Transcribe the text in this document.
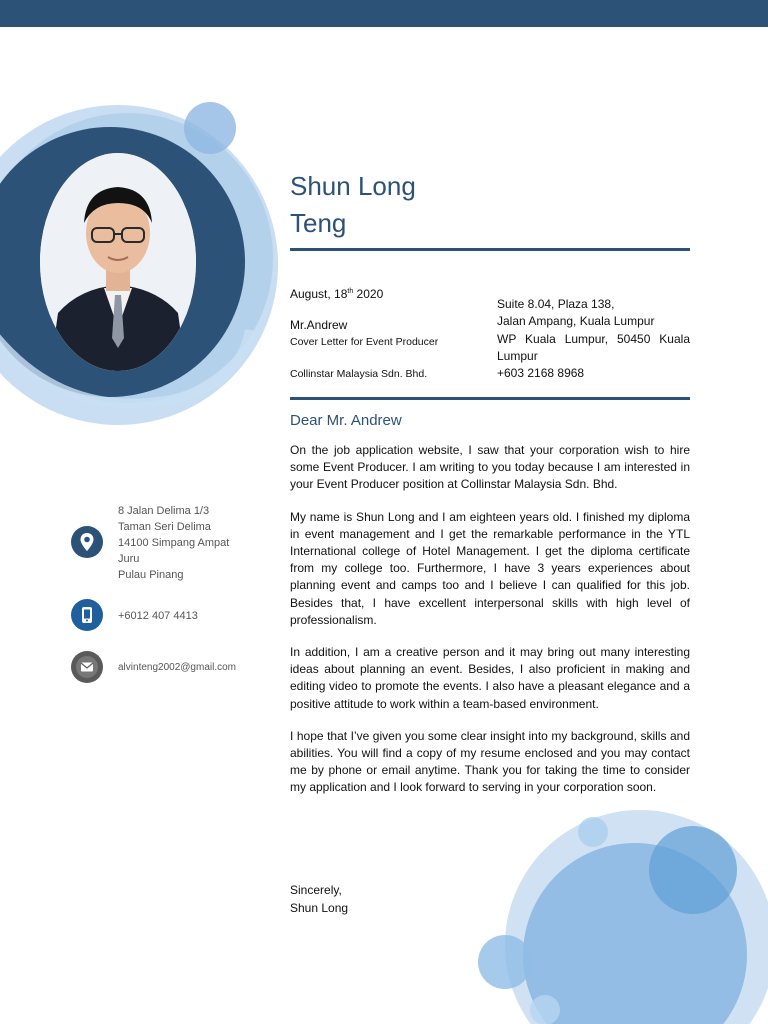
Shun Long
Teng
August, 18th 2020
Mr.Andrew
Cover Letter for Event Producer
Collinstar Malaysia Sdn. Bhd.
Suite 8.04, Plaza 138,
Jalan Ampang, Kuala Lumpur
WP Kuala Lumpur, 50450 Kuala Lumpur
+603 2168 8968
Dear Mr. Andrew

On the job application website, I saw that your corporation wish to hire some Event Producer. I am writing to you today because I am interested in your Event Producer position at Collinstar Malaysia Sdn. Bhd.

My name is Shun Long and I am eighteen years old. I finished my diploma in event management and I get the remarkable performance in the YTL International college of Hotel Management. I get the diploma certificate from my college too. Furthermore, I have 3 years experiences about planning event and camps too and I believe I can qualified for this job. Besides that, I have excellent interpersonal skills with high level of professionalism.

In addition, I am a creative person and it may bring out many interesting ideas about planning an event. Besides, I also proficient in making and editing video to promote the events. I also have a pleasant elegance and a positive attitude to work within a team-based environment.

I hope that I’ve given you some clear insight into my background, skills and abilities. You will find a copy of my resume enclosed and you may contact me by phone or email anytime. Thank you for taking the time to consider my application and I look forward to serving in your corporation soon.

Sincerely,
Shun Long
8 Jalan Delima 1/3
Taman Seri Delima
14100 Simpang Ampat
Juru
Pulau Pinang
+6012 407 4413
alvinteng2002@gmail.com
